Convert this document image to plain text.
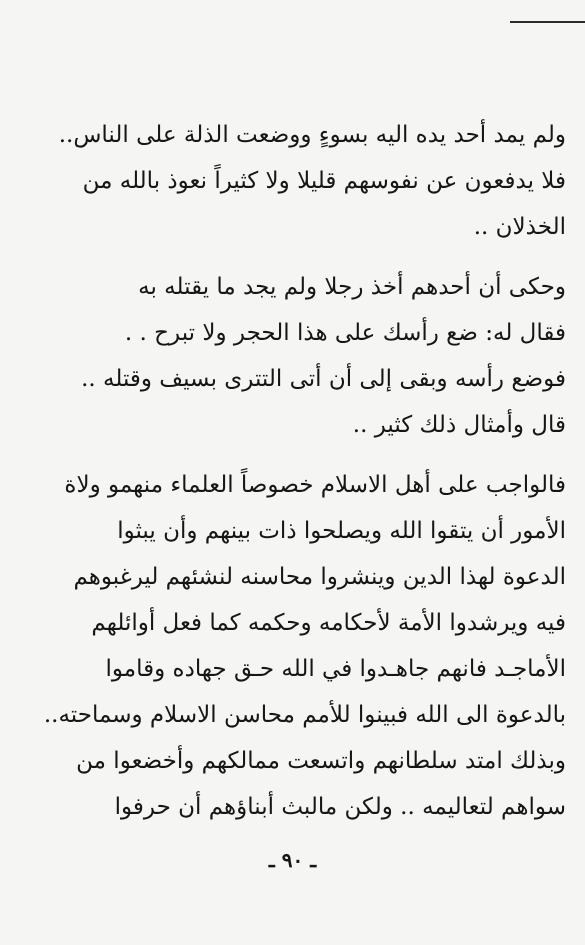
ولم يمد أحد يده اليه بسوءٍ ووضعت الذلة على الناس..
فلا يدفعون عن نفوسهم قليلا ولا كثيراً نعوذ بالله من
الخذلان ..

وحكى أن أحدهم أخذ رجلا ولم يجد ما يقتله به
فقال له: ضع رأسك على هذا الحجر ولا تبرح . .
فوضع رأسه وبقى إلى أن أتى التترى بسيف وقتله ..
قال وأمثال ذلك كثير ..

فالواجب على أهل الاسلام خصوصاً العلماء منهمو ولاة
الأمور أن يتقوا الله ويصلحوا ذات بينهم وأن يبثوا
الدعوة لهذا الدين وينشروا محاسنه لنشئهم ليرغبوهم
فيه ويرشدوا الأمة لأحكامه وحكمه كما فعل أوائلهم
الأماجـد فانهم جاهـدوا في الله حـق جهاده وقاموا
بالدعوة الى الله فبينوا للأمم محاسن الاسلام وسماحته..
وبذلك امتد سلطانهم واتسعت ممالكهم وأخضعوا من
سواهم لتعاليمه .. ولكن مالبث أبناؤهم أن حرفوا

ـ ٩٠ ـ
